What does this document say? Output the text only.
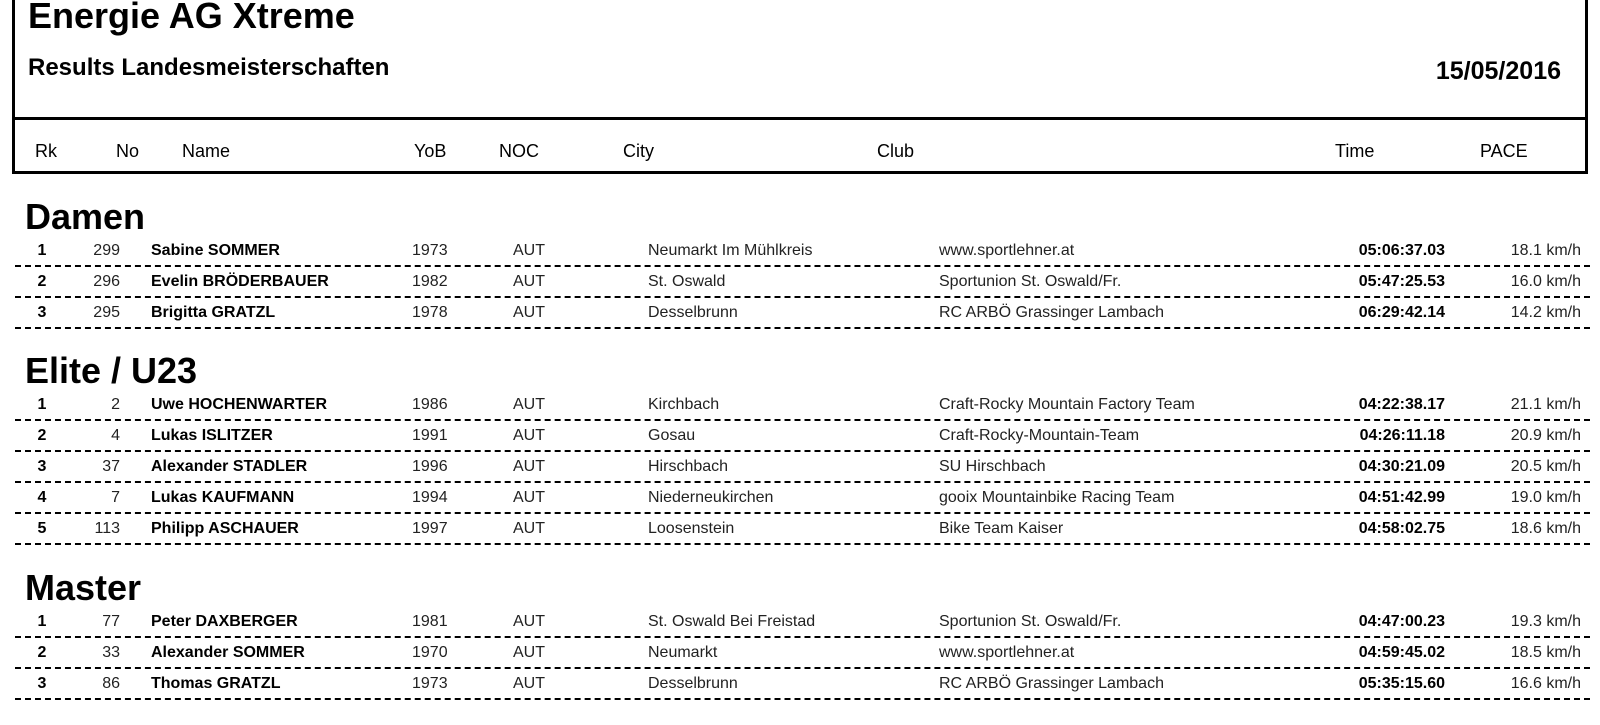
Energie AG Xtreme
Results Landesmeisterschaften	15/05/2016
Rk	No Name	YoB	NOC	City	Club	Time	PACE
Damen
1	299 Sabine SOMMER	1973	AUT	Neumarkt Im Mühlkreis	www.sportlehner.at	05:06:37.03	18.1 km/h
2	296 Evelin BRÖDERBAUER	1982	AUT	St. Oswald	Sportunion St. Oswald/Fr.	05:47:25.53	16.0 km/h
3	295 Brigitta GRATZL	1978	AUT	Desselbrunn	RC ARBÖ Grassinger Lambach	06:29:42.14	14.2 km/h
Elite / U23
1	2 Uwe HOCHENWARTER	1986	AUT	Kirchbach	Craft-Rocky Mountain Factory Team	04:22:38.17	21.1 km/h
2	4 Lukas ISLITZER	1991	AUT	Gosau	Craft-Rocky-Mountain-Team	04:26:11.18	20.9 km/h
3	37 Alexander STADLER	1996	AUT	Hirschbach	SU Hirschbach	04:30:21.09	20.5 km/h
4	7 Lukas KAUFMANN	1994	AUT	Niederneukirchen	gooix Mountainbike Racing Team	04:51:42.99	19.0 km/h
5	113 Philipp ASCHAUER	1997	AUT	Loosenstein	Bike Team Kaiser	04:58:02.75	18.6 km/h
Master
1	77 Peter DAXBERGER	1981	AUT	St. Oswald Bei Freistad	Sportunion St. Oswald/Fr.	04:47:00.23	19.3 km/h
2	33 Alexander SOMMER	1970	AUT	Neumarkt	www.sportlehner.at	04:59:45.02	18.5 km/h
3	86 Thomas GRATZL	1973	AUT	Desselbrunn	RC ARBÖ Grassinger Lambach	05:35:15.60	16.6 km/h
